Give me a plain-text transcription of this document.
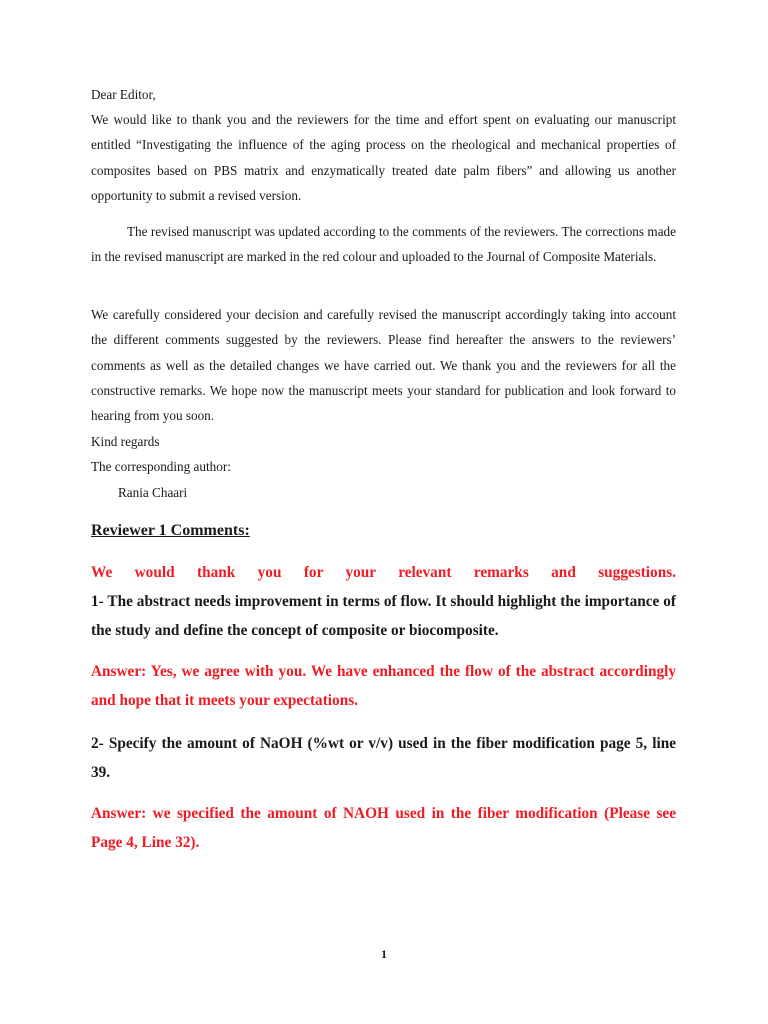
Dear Editor,

We would like to thank you and the reviewers for the time and effort spent on evaluating our manuscript entitled “Investigating the influence of the aging process on the rheological and mechanical properties of composites based on PBS matrix and enzymatically treated date palm fibers” and allowing us another opportunity to submit a revised version.

The revised manuscript was updated according to the comments of the reviewers. The corrections made in the revised manuscript are marked in the red colour and uploaded to the Journal of Composite Materials.

We carefully considered your decision and carefully revised the manuscript accordingly taking into account the different comments suggested by the reviewers. Please find hereafter the answers to the reviewers’ comments as well as the detailed changes we have carried out. We thank you and the reviewers for all the constructive remarks. We hope now the manuscript meets your standard for publication and look forward to hearing from you soon.

Kind regards

The corresponding author:

Rania Chaari

Reviewer 1 Comments:

We would thank you for your relevant remarks and suggestions.

1- The abstract needs improvement in terms of flow. It should highlight the importance of the study and define the concept of composite or biocomposite.

Answer: Yes, we agree with you. We have enhanced the flow of the abstract accordingly and hope that it meets your expectations.

2- Specify the amount of NaOH (%wt or v/v) used in the fiber modification page 5, line 39.

Answer: we specified the amount of NAOH used in the fiber modification (Please see Page 4, Line 32).

1
